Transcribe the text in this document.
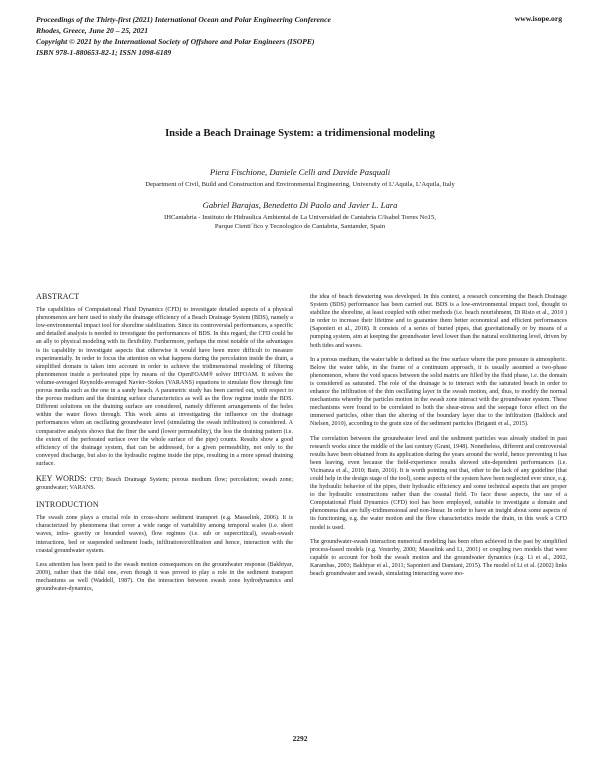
Proceedings of the Thirty-first (2021) International Ocean and Polar Engineering Conference
Rhodes, Greece, June 20 – 25, 2021
Copyright © 2021 by the International Society of Offshore and Polar Engineers (ISOPE)
ISBN 978-1-880653-82-1; ISSN 1098-6189
www.isope.org
Inside a Beach Drainage System: a tridimensional modeling
Piera Fischione, Daniele Celli and Davide Pasquali
Department of Civil, Build and Construction and Environmental Engineering, University of L’Aquila, L’Aquila, Italy
Gabriel Barajas, Benedetto Di Paolo and Javier L. Lara
IHCantabria - Instituto de Hidraulica Ambiental de La Universidad de Cantabria C/Isabel Torres No15,
Parque Cienti´fico y Tecnologico de Cantabria, Santander, Spain
ABSTRACT
The capabilities of Computational Fluid Dynamics (CFD) to investigate detailed aspects of a physical phenomenon are here used to study the drainage efficiency of a Beach Drainage System (BDS), namely a low-environmental impact tool for shoreline stabilization. Since its controversial performances, a specific and detailed analysis is needed to investigate the performances of BDS. In this regard, the CFD could be an ally to physical modeling with its flexibility. Furthermore, perhaps the most notable of the advantages is its capability to investigate aspects that otherwise it would have been more difficult to measure experimentally. In order to focus the attention on what happens during the percolation inside the drain, a simplified domain is taken into account in order to achieve the tridimensional modeling of filtering phenomenon inside a perforated pipe by means of the OpenFOAM® solver IHFOAM. It solves the volume-averaged Reynolds-averaged Navier–Stokes (VARANS) equations to simulate flow through fine porous media such as the one in a sandy beach. A parametric study has been carried out, with respect to the porous medium and the draining surface characteristics as well as the flow regime inside the BDS. Different solutions on the draining surface are considered, namely different arrangements of the holes within the water flows through. This work aims at investigating the influence on the drainage performances when an oscillating groundwater level (simulating the swash infiltration) is considered. A comparative analysis shows that the finer the sand (lower permeability), the less the draining pattern (i.e. the extent of the perforated surface over the whole surface of the pipe) counts. Results show a good efficiency of the drainage system, that can be addressed, for a given permeability, not only to the conveyed discharge, but also to the hydraulic regime inside the pipe, resulting in a more spread draining surface.
KEY WORDS: CFD; Beach Drainage System; porous medium flow; percolation; swash zone; groundwater; VARANS.
INTRODUCTION
The swash zone plays a crucial role in cross-shore sediment transport (e.g. Masselink, 2006). It is characterized by phenomena that cover a wide range of variability among temporal scales (i.e. short waves, infra- gravity or bounded waves), flow regimes (i.e. sub or supercritical), swash-swash interactions, bed or suspended sediment loads, infiltration/exfiltration and hence, interaction with the coastal groundwater system.
Less attention has been paid to the swash motion consequences on the groundwater response (Bakhtyar, 2009), rather than the tidal one, even though it was proved to play a role in the sediment transport mechanisms as well (Waddell, 1987). On the interaction between swash zone hydrodynamics and groundwater-dynamics,
the idea of beach dewatering was developed. In this context, a research concerning the Beach Drainage System (BDS) performance has been carried out. BDS is a low-environmental impact tool, thought to stabilize the shoreline, at least coupled with other methods (i.e. beach nourishment, Di Risio et al., 2010 ) in order to increase their lifetime and to guarantee them better economical and efficient performances (Saponieri et al., 2018). It consists of a series of buried pipes, that gravitationally or by means of a pumping system, aim at keeping the groundwater level lower than the natural ecolittering level, driven by both tides and waves.
In a porous medium, the water table is defined as the free surface where the pore pressure is atmospheric. Below the water table, in the frame of a continuum approach, it is usually assumed a two-phase phenomenon, where the void spaces between the solid matrix are filled by the fluid phase, i.e. the domain is considered as saturated. The role of the drainage is to interact with the saturated beach in order to enhance the infiltration of the thin oscillating layer in the swash motion, and, thus, to modify the normal mechanisms whereby the particles motion in the swash zone interact with the groundwater system. These mechanisms were found to be correlated to both the shear-stress and the seepage force effect on the immersed particles, other than the altering of the boundary layer due to the infiltration (Baldock and Nielsen, 2010), according to the grain size of the sediment particles (Briganti et al., 2015).
The correlation between the groundwater level and the sediment particles was already studied in past research works since the middle of the last century (Grant, 1948). Nonetheless, different and controversial results have been obtained from its application during the years around the world, hence preventing it has been leaving, even because the field-experience results showed site-dependent performances (i.e. Vicinanza et al., 2010; Bain, 2016). It is worth pointing out that, other to the lack of any guideline (that could help in the design stage of the tool), some aspects of the system have been neglected ever since, e.g. the hydraulic behavior of the pipes, their hydraulic efficiency and some technical aspects that are proper to the hydraulic constructions rather than the coastal field. To face these aspects, the use of a Computational Fluid Dynamics (CFD) tool has been employed, suitable to investigate a domain and phenomena that are fully-tridimensional and non-linear. In order to have an insight about some aspects of its functioning, e.g. the water motion and the flow characteristics inside the drain, in this work a CFD model is used.
The groundwater-swash interaction numerical modeling has been often achieved in the past by simplified process-based models (e.g. Vesterby, 2000; Masselink and Li, 2001) or coupling two models that were capable to account for both the swash motion and the groundwater dynamics (e.g. Li et al., 2002, Karambas, 2003; Bakhtyar et al., 2011; Saponieri and Damiani, 2015). The model of Li et al. (2002) links beach groundwater and swash, simulating interacting wave mo-
2292
